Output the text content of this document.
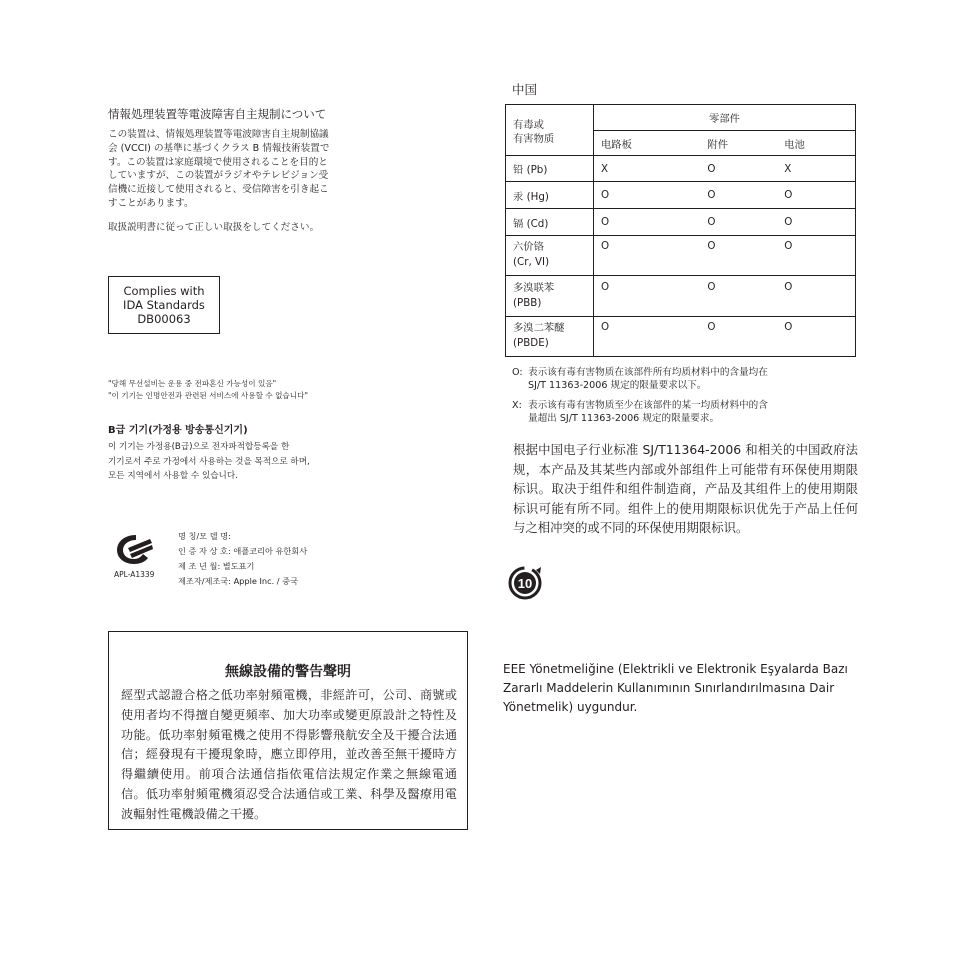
情報処理装置等電波障害自主規制について
この装置は、情報処理装置等電波障害自主規制協議
会 (VCCI) の基準に基づくクラス B 情報技術装置で
す。この装置は家庭環境で使用されることを目的と
していますが、この装置がラジオやテレビジョン受
信機に近接して使用されると、受信障害を引き起こ
すことがあります。
取扱説明書に従って正しい取扱をしてください。
Complies with
IDA Standards
DB00063
"당해 무선설비는 운용 중 전파혼신 가능성이 있음"
"이 기기는 인명안전과 관련된 서비스에 사용할 수 없습니다"
B급 기기(가정용 방송통신기기)
이 기기는 가정용(B급)으로 전자파적합등록을 한
기기로서 주로 가정에서 사용하는 것을 목적으로 하며,
모든 지역에서 사용할 수 있습니다.
APL-A1339
명 칭/모 델 명:
인 증 자 상 호: 애플코리아 유한회사
제 조 년 월: 별도표기
제조자/제조국: Apple Inc. / 중국
無線設備的警告聲明
經型式認證合格之低功率射頻電機，非經許可，公司、商號或使用者均不得擅自變更頻率、加大功率或變更原設計之特性及功能。低功率射頻電機之使用不得影響飛航安全及干擾合法通信；經發現有干擾現象時，應立即停用，並改善至無干擾時方得繼續使用。前項合法通信指依電信法規定作業之無線電通信。低功率射頻電機須忍受合法通信或工業、科學及醫療用電波輻射性電機設備之干擾。
中国
有毒或
有害物质	零部件		
	电路板	附件	电池
铅 (Pb)	X	O	X
汞 (Hg)	O	O	O
镉 (Cd)	O	O	O

六价铬
(Cr, VI)	O	O	O

多溴联苯
(PBB)	O	O	O

多溴二苯醚
(PBDE)	O	O	O
O: 表示该有毒有害物质在该部件所有均质材料中的含量均在
SJ/T 11363-2006 规定的限量要求以下。
X: 表示该有毒有害物质至少在该部件的某一均质材料中的含
量超出 SJ/T 11363-2006 规定的限量要求。
根据中国电子行业标准 SJ/T11364-2006 和相关的中国政府法规，本产品及其某些内部或外部组件上可能带有环保使用期限标识。取决于组件和组件制造商，产品及其组件上的使用期限标识可能有所不同。组件上的使用期限标识优先于产品上任何与之相冲突的或不同的环保使用期限标识。
10
EEE Yönetmeliğine (Elektrikli ve Elektronik Eşyalarda Bazı Zararlı Maddelerin Kullanımının Sınırlandırılmasına Dair Yönetmelik) uygundur.
